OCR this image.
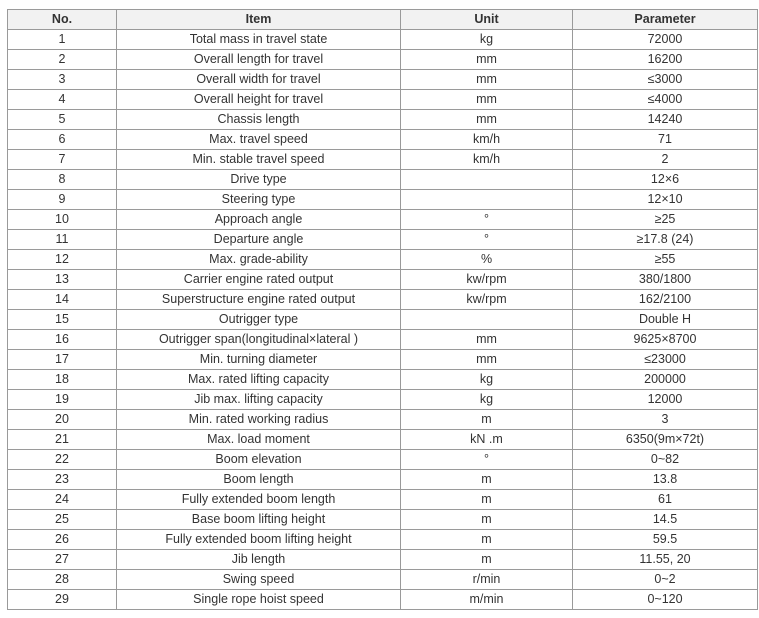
No.	Item	Unit	Parameter
1	Total mass in travel state	kg	72000
2	Overall length for travel	mm	16200
3	Overall width for travel	mm	≤3000
4	Overall height for travel	mm	≤4000
5	Chassis length	mm	14240
6	Max. travel speed	km/h	71
7	Min. stable travel speed	km/h	2
8	Drive type		12×6
9	Steering type		12×10
10	Approach angle	°	≥25
11	Departure angle	°	≥17.8 (24)
12	Max. grade-ability	%	≥55
13	Carrier engine rated output	kw/rpm	380/1800
14	Superstructure engine rated output	kw/rpm	162/2100
15	Outrigger type		Double H
16	Outrigger span(longitudinal×lateral )	mm	9625×8700
17	Min. turning diameter	mm	≤23000
18	Max. rated lifting capacity	kg	200000
19	Jib max. lifting capacity	kg	12000
20	Min. rated working radius	m	3
21	Max. load moment	kN .m	6350(9m×72t)
22	Boom elevation	°	0~82
23	Boom length	m	13.8
24	Fully extended boom length	m	61
25	Base boom lifting height	m	14.5
26	Fully extended boom lifting height	m	59.5
27	Jib length	m	11.55, 20
28	Swing speed	r/min	0~2
29	Single rope hoist speed	m/min	0~120
